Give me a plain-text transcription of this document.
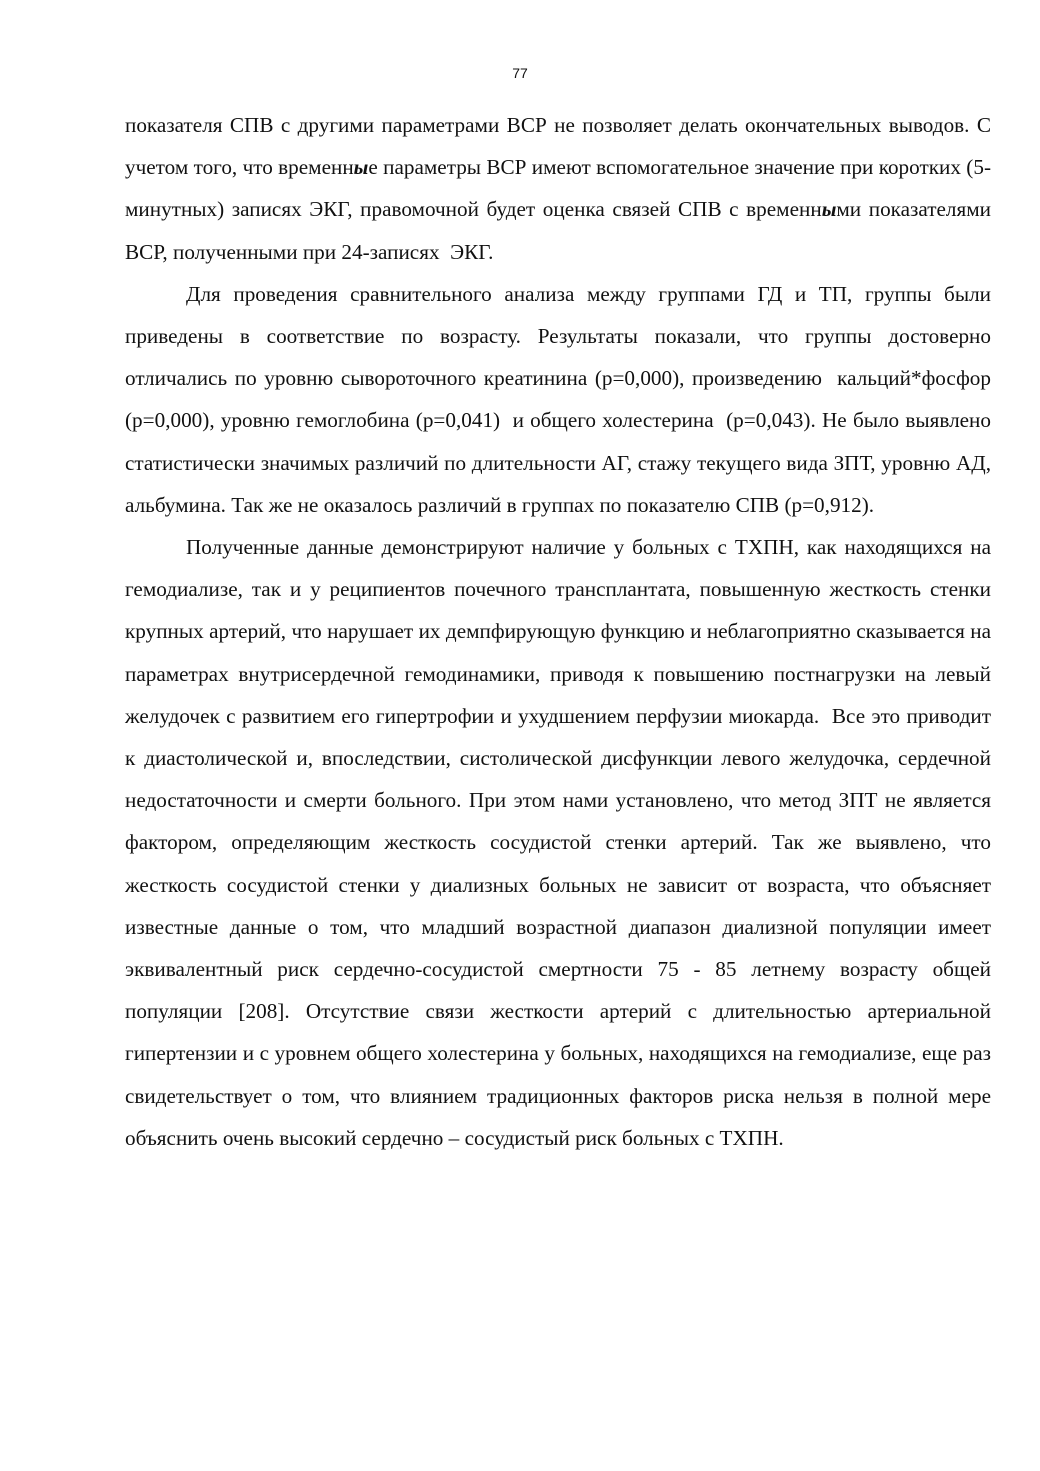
77

показателя СПВ с другими параметрами ВСР не позволяет делать окончательных выводов. С учетом того, что временные параметры ВСР имеют вспомогательное значение при коротких (5-минутных) записях ЭКГ, правомочной будет оценка связей СПВ с временными показателями ВСР, полученными при 24-записях  ЭКГ.

Для проведения сравнительного анализа между группами ГД и ТП, группы были приведены в соответствие по возрасту. Результаты показали, что группы достоверно отличались по уровню сывороточного креатинина (р=0,000), произведению  кальций*фосфор (р=0,000), уровню гемоглобина (р=0,041)  и общего холестерина  (р=0,043). Не было выявлено статистически значимых различий по длительности АГ, стажу текущего вида ЗПТ, уровню АД, альбумина. Так же не оказалось различий в группах по показателю СПВ (р=0,912).

Полученные данные демонстрируют наличие у больных с ТХПН, как находящихся на гемодиализе, так и у реципиентов почечного трансплантата, повышенную жесткость стенки крупных артерий, что нарушает их демпфирующую функцию и неблагоприятно сказывается на параметрах внутрисердечной гемодинамики, приводя к повышению постнагрузки на левый желудочек с развитием его гипертрофии и ухудшением перфузии миокарда.  Все это приводит к диастолической и, впоследствии, систолической дисфункции левого желудочка, сердечной недостаточности и смерти больного. При этом нами установлено, что метод ЗПТ не является фактором, определяющим жесткость сосудистой стенки артерий. Так же выявлено, что жесткость сосудистой стенки у диализных больных не зависит от возраста, что объясняет известные данные о том, что младший возрастной диапазон диализной популяции имеет эквивалентный риск сердечно-сосудистой смертности 75 - 85 летнему возрасту общей популяции [208]. Отсутствие связи жесткости артерий с длительностью артериальной гипертензии и с уровнем общего холестерина у больных, находящихся на гемодиализе, еще раз свидетельствует о том, что влиянием традиционных факторов риска нельзя в полной мере объяснить очень высокий сердечно – сосудистый риск больных с ТХПН.
